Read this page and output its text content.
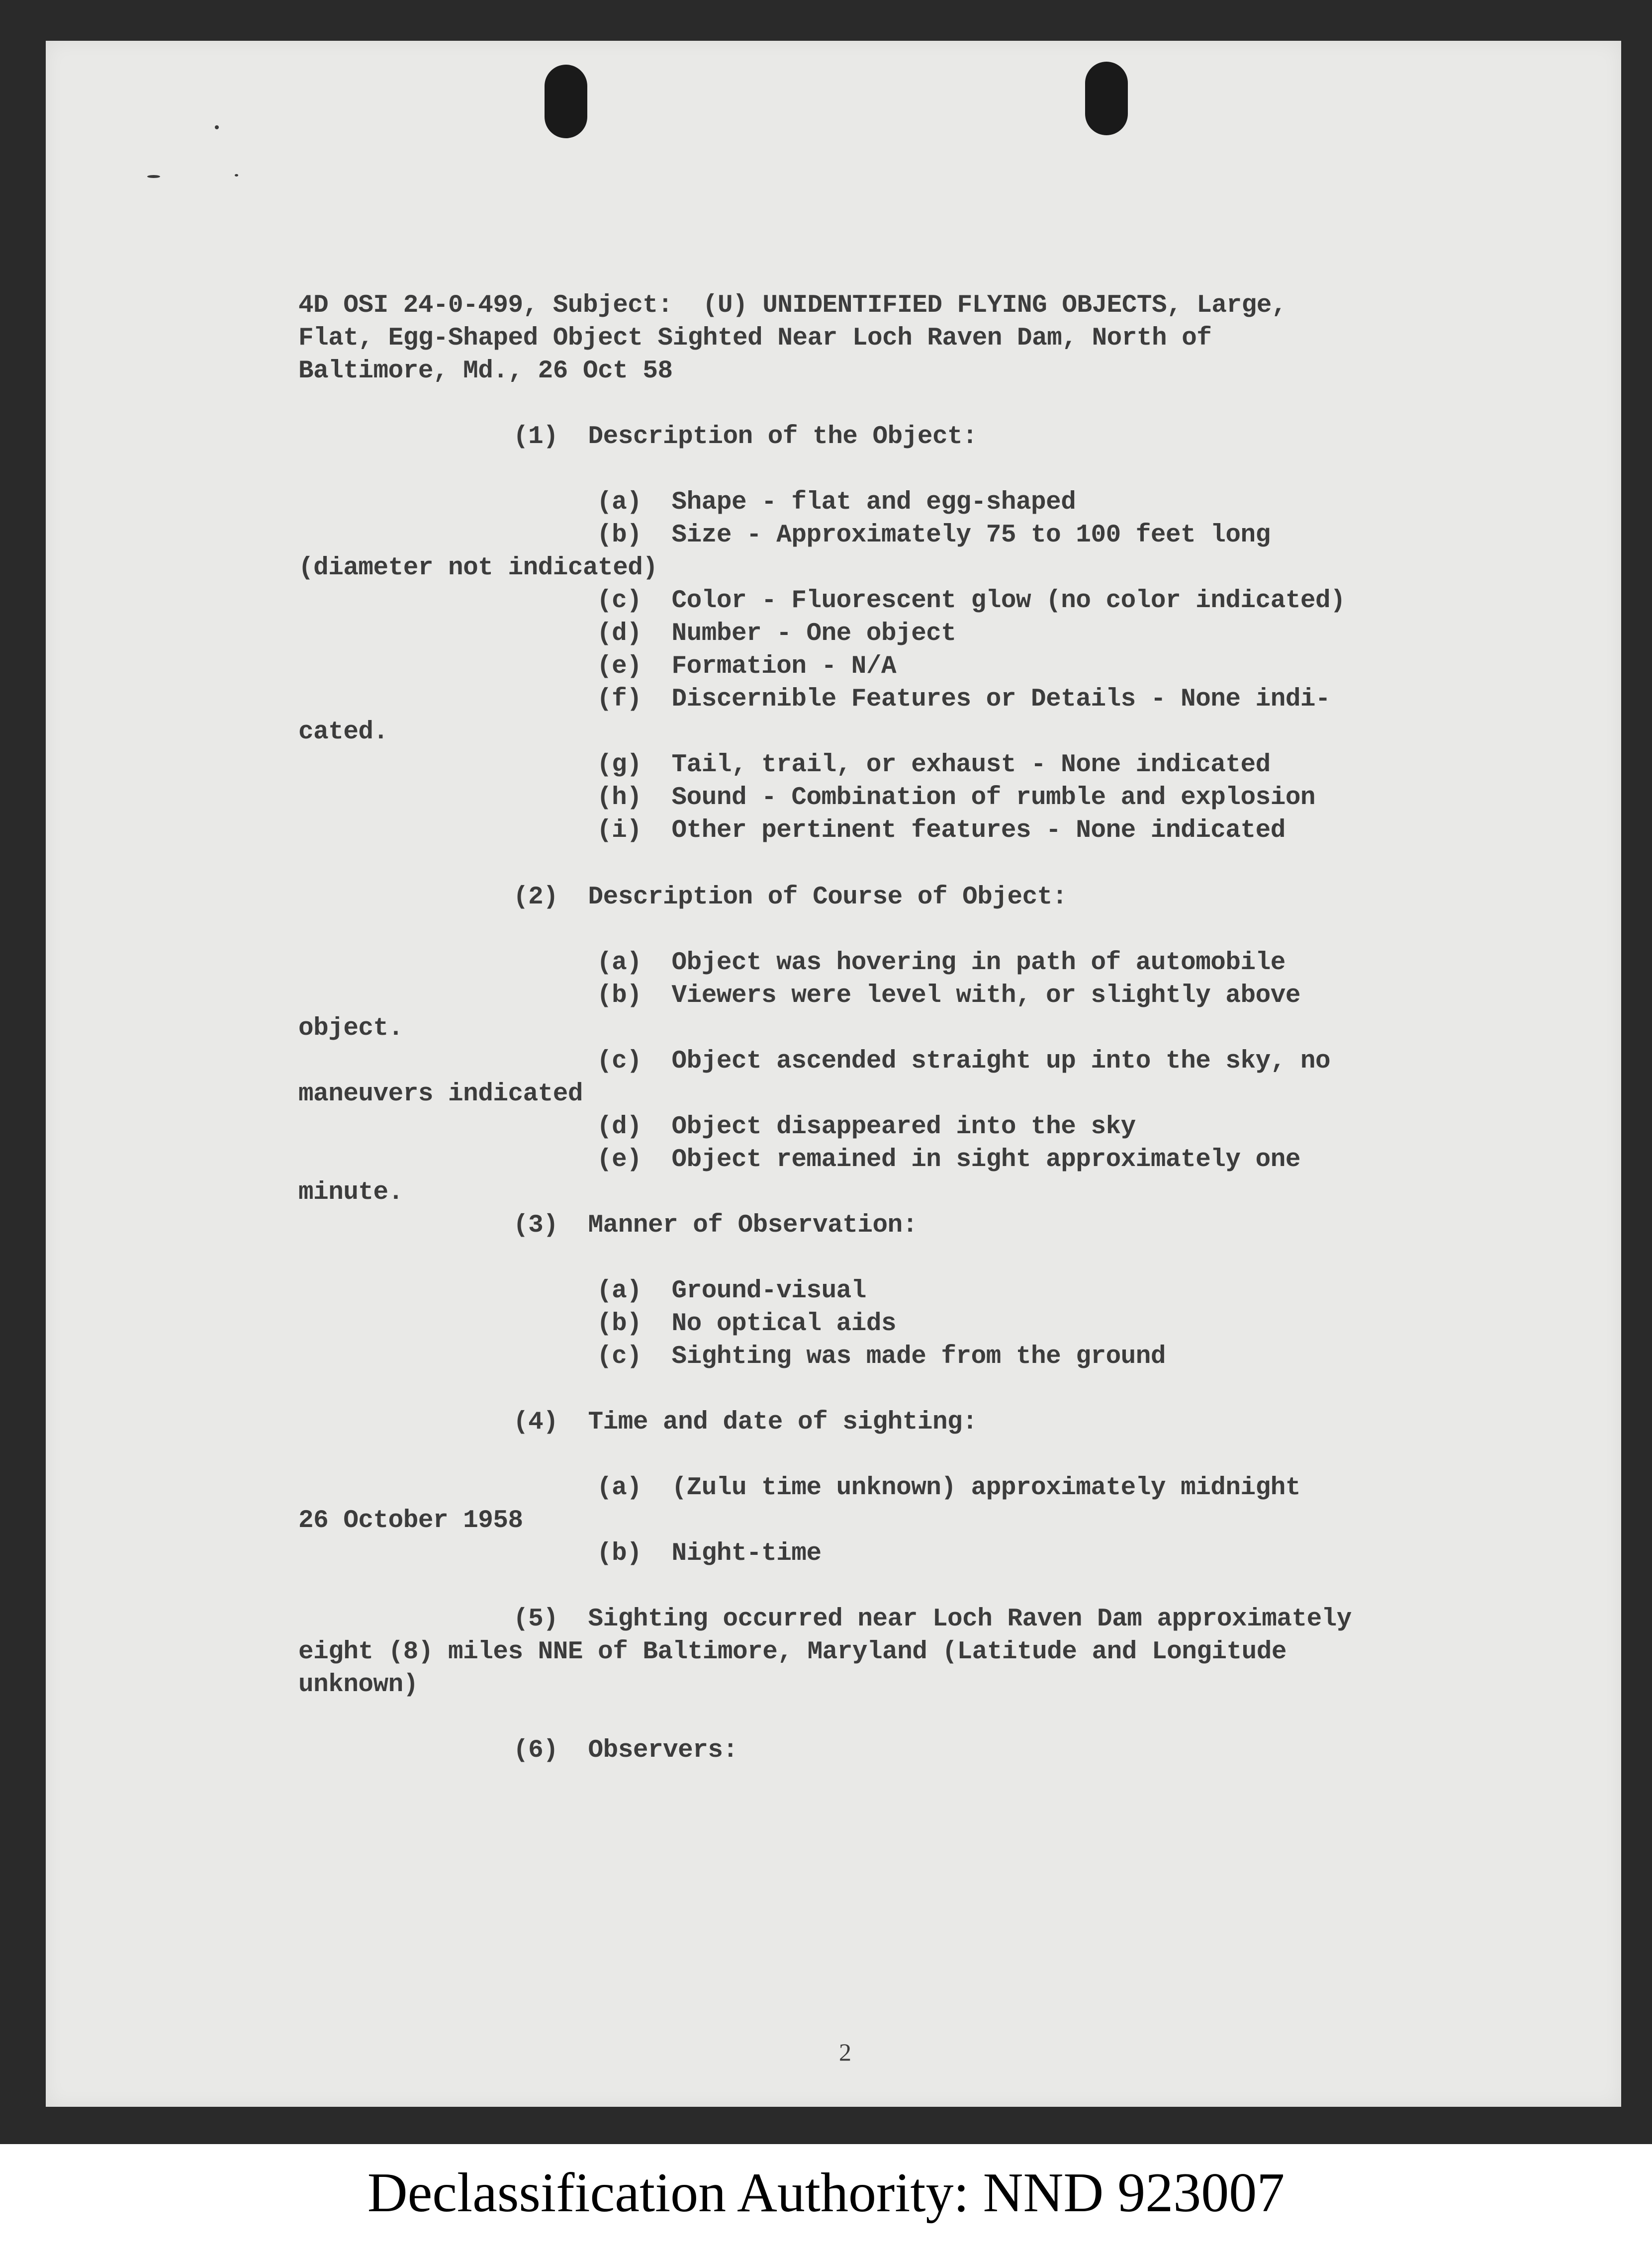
4D OSI 24-0-499, Subject:  (U) UNIDENTIFIED FLYING OBJECTS, Large,
Flat, Egg-Shaped Object Sighted Near Loch Raven Dam, North of
Baltimore, Md., 26 Oct 58
(1)  Description of the Object:
(a)  Shape - flat and egg-shaped
(b)  Size - Approximately 75 to 100 feet long
(diameter not indicated)
(c)  Color - Fluorescent glow (no color indicated)
(d)  Number - One object
(e)  Formation - N/A
(f)  Discernible Features or Details - None indi-
cated.
(g)  Tail, trail, or exhaust - None indicated
(h)  Sound - Combination of rumble and explosion
(i)  Other pertinent features - None indicated
(2)  Description of Course of Object:
(a)  Object was hovering in path of automobile
(b)  Viewers were level with, or slightly above
object.
(c)  Object ascended straight up into the sky, no
maneuvers indicated
(d)  Object disappeared into the sky
(e)  Object remained in sight approximately one
minute.
(3)  Manner of Observation:
(a)  Ground-visual
(b)  No optical aids
(c)  Sighting was made from the ground
(4)  Time and date of sighting:
(a)  (Zulu time unknown) approximately midnight
26 October 1958
(b)  Night-time
(5)  Sighting occurred near Loch Raven Dam approximately
eight (8) miles NNE of Baltimore, Maryland (Latitude and Longitude
unknown)
(6)  Observers:
2
Declassification Authority: NND 923007
